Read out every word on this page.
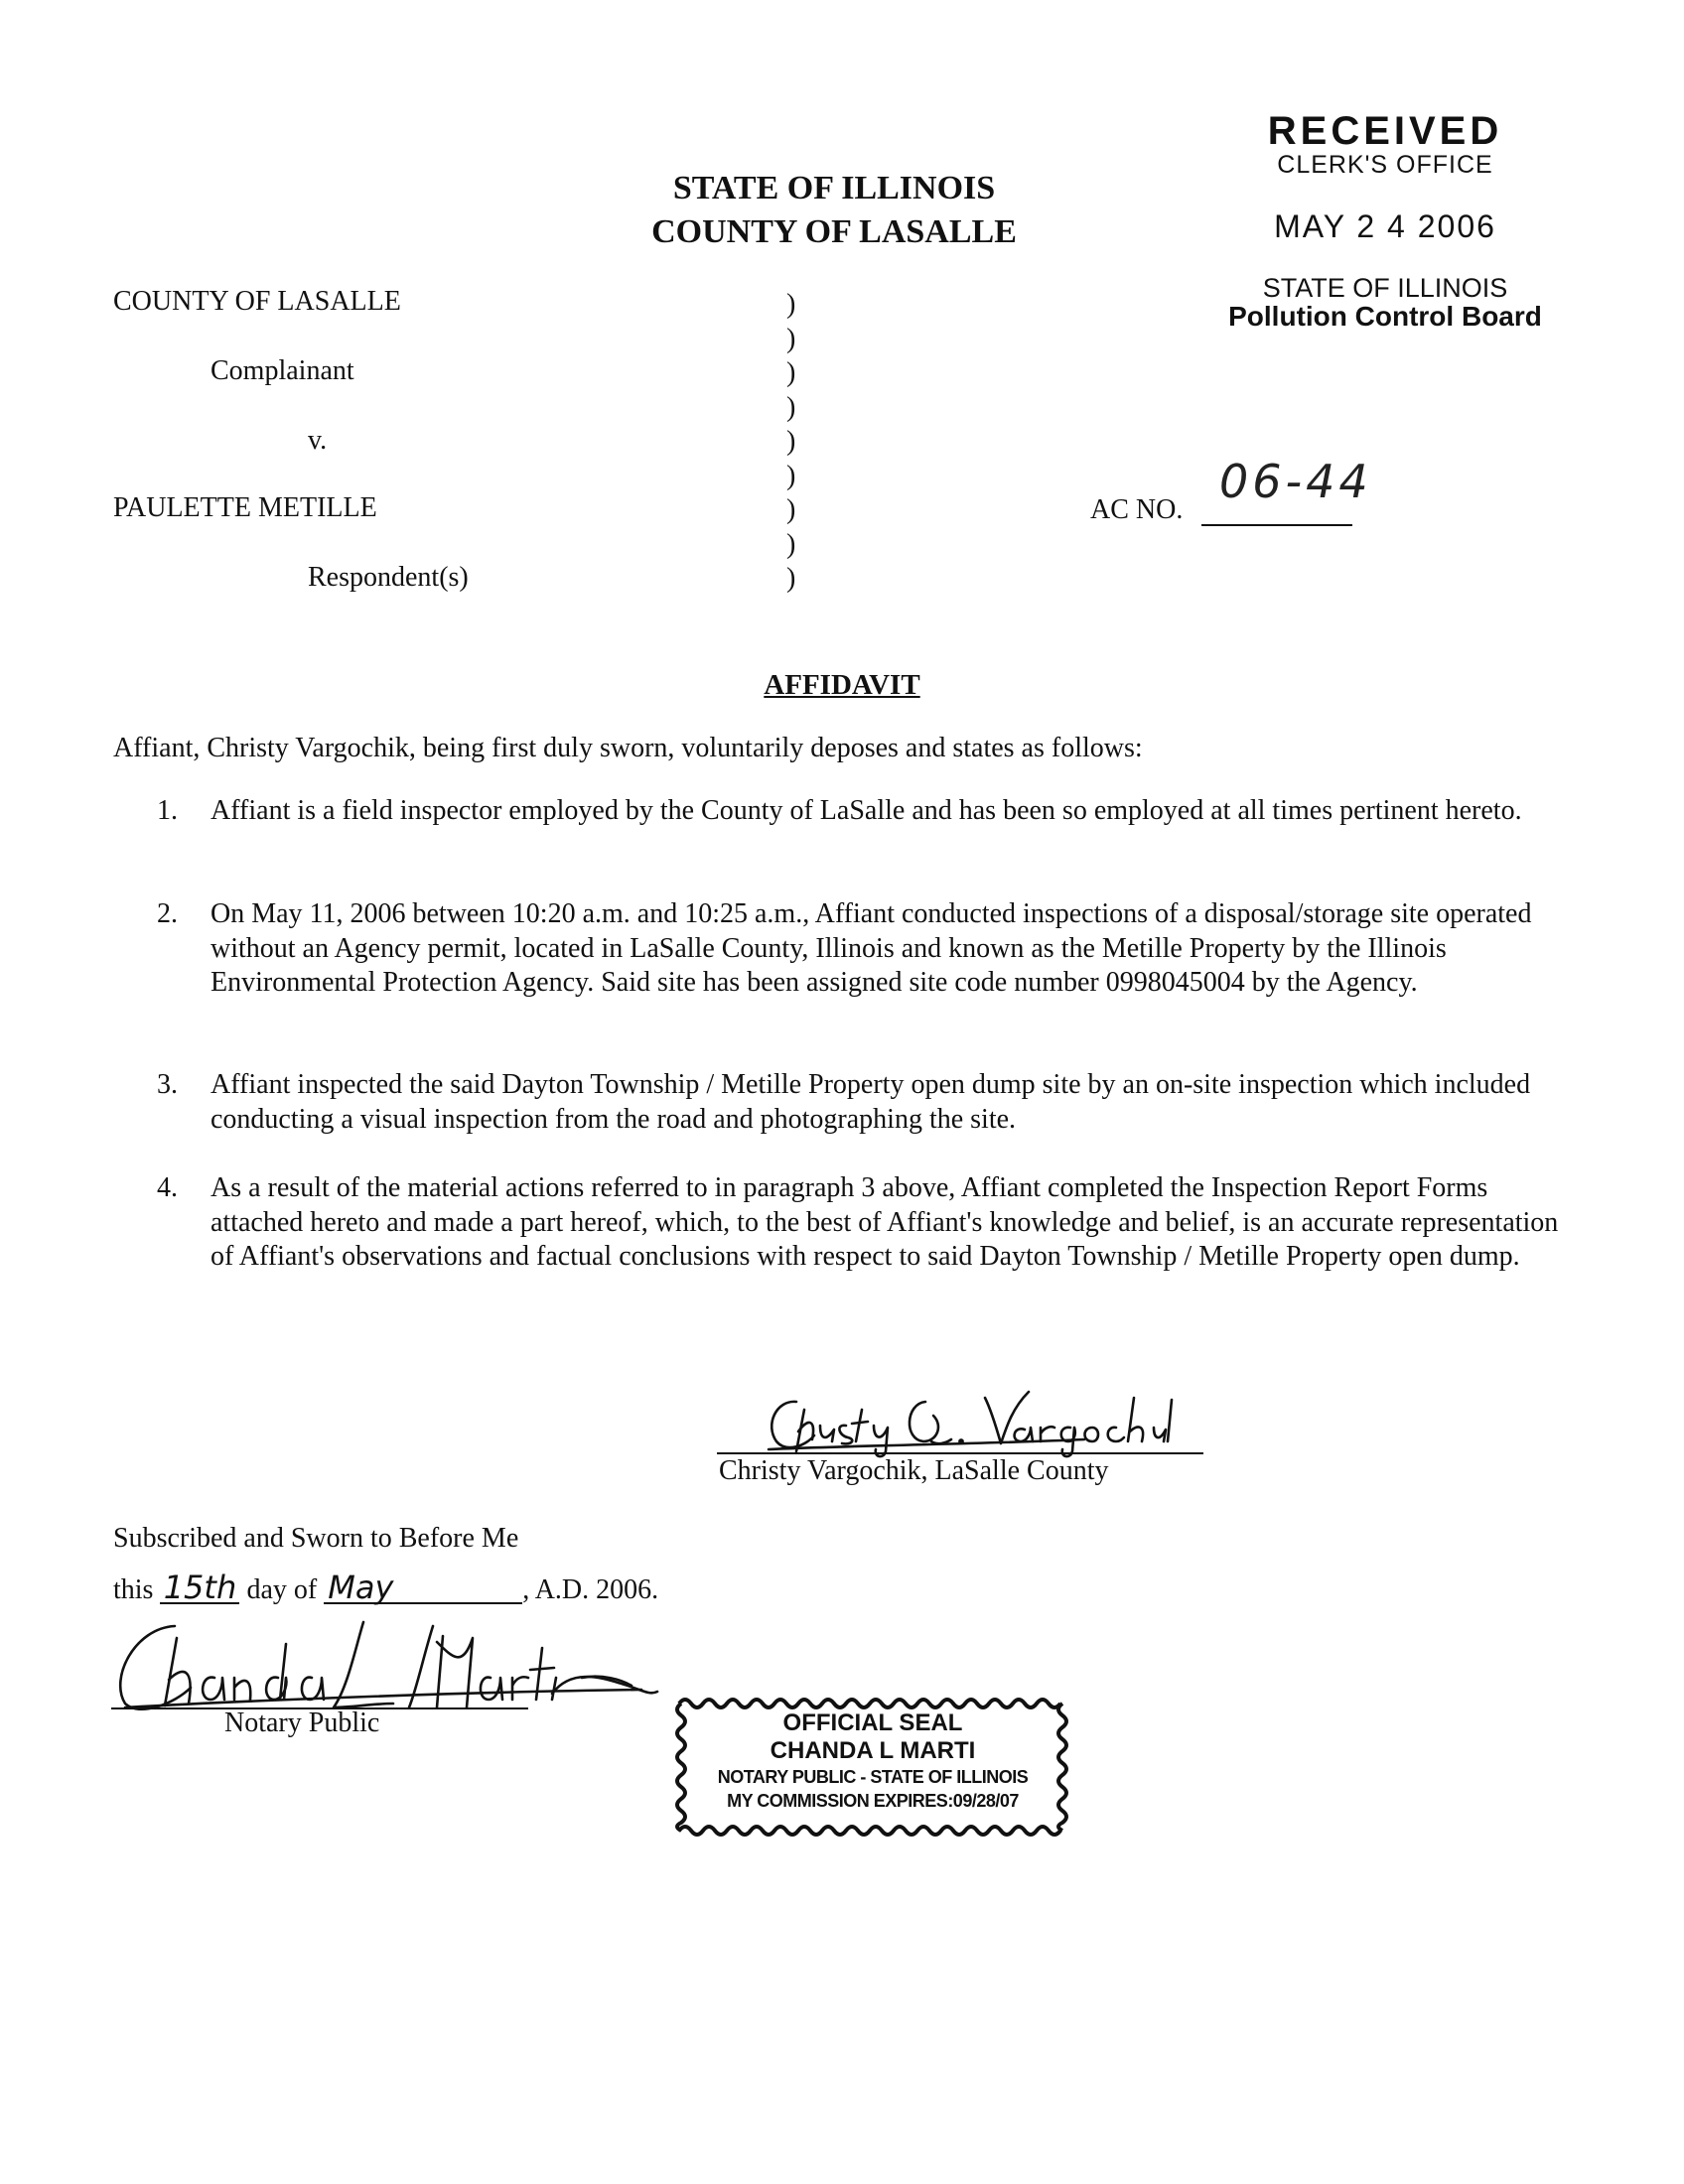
STATE OF ILLINOIS
COUNTY OF LASALLE
RECEIVED
CLERK'S OFFICE
MAY 2 4 2006
STATE OF ILLINOIS
Pollution Control Board
COUNTY OF LASALLE
Complainant
v.
PAULETTE METILLE
Respondent(s)
)
)
)
)
)
)
)
)
)
AC NO.
06-44
AFFIDAVIT
Affiant, Christy Vargochik, being first duly sworn, voluntarily deposes and states as follows:
1. Affiant is a field inspector employed by the County of LaSalle and has been so employed at all times pertinent hereto.
2. On May 11, 2006 between 10:20 a.m. and 10:25 a.m., Affiant conducted inspections of a disposal/storage site operated without an Agency permit, located in LaSalle County, Illinois and known as the Metille Property by the Illinois Environmental Protection Agency. Said site has been assigned site code number 0998045004 by the Agency.
3. Affiant inspected the said Dayton Township / Metille Property open dump site by an on-site inspection which included conducting a visual inspection from the road and photographing the site.
4. As a result of the material actions referred to in paragraph 3 above, Affiant completed the Inspection Report Forms attached hereto and made a part hereof, which, to the best of Affiant's knowledge and belief, is an accurate representation of Affiant's observations and factual conclusions with respect to said Dayton Township / Metille Property open dump.
Christy Vargochik, LaSalle County
Subscribed and Sworn to Before Me
this 15th day of May	, A.D. 2006.
Notary Public	OFFICIAL SEAL
CHANDA L MARTI
NOTARY PUBLIC - STATE OF ILLINOIS
MY COMMISSION EXPIRES:09/28/07
